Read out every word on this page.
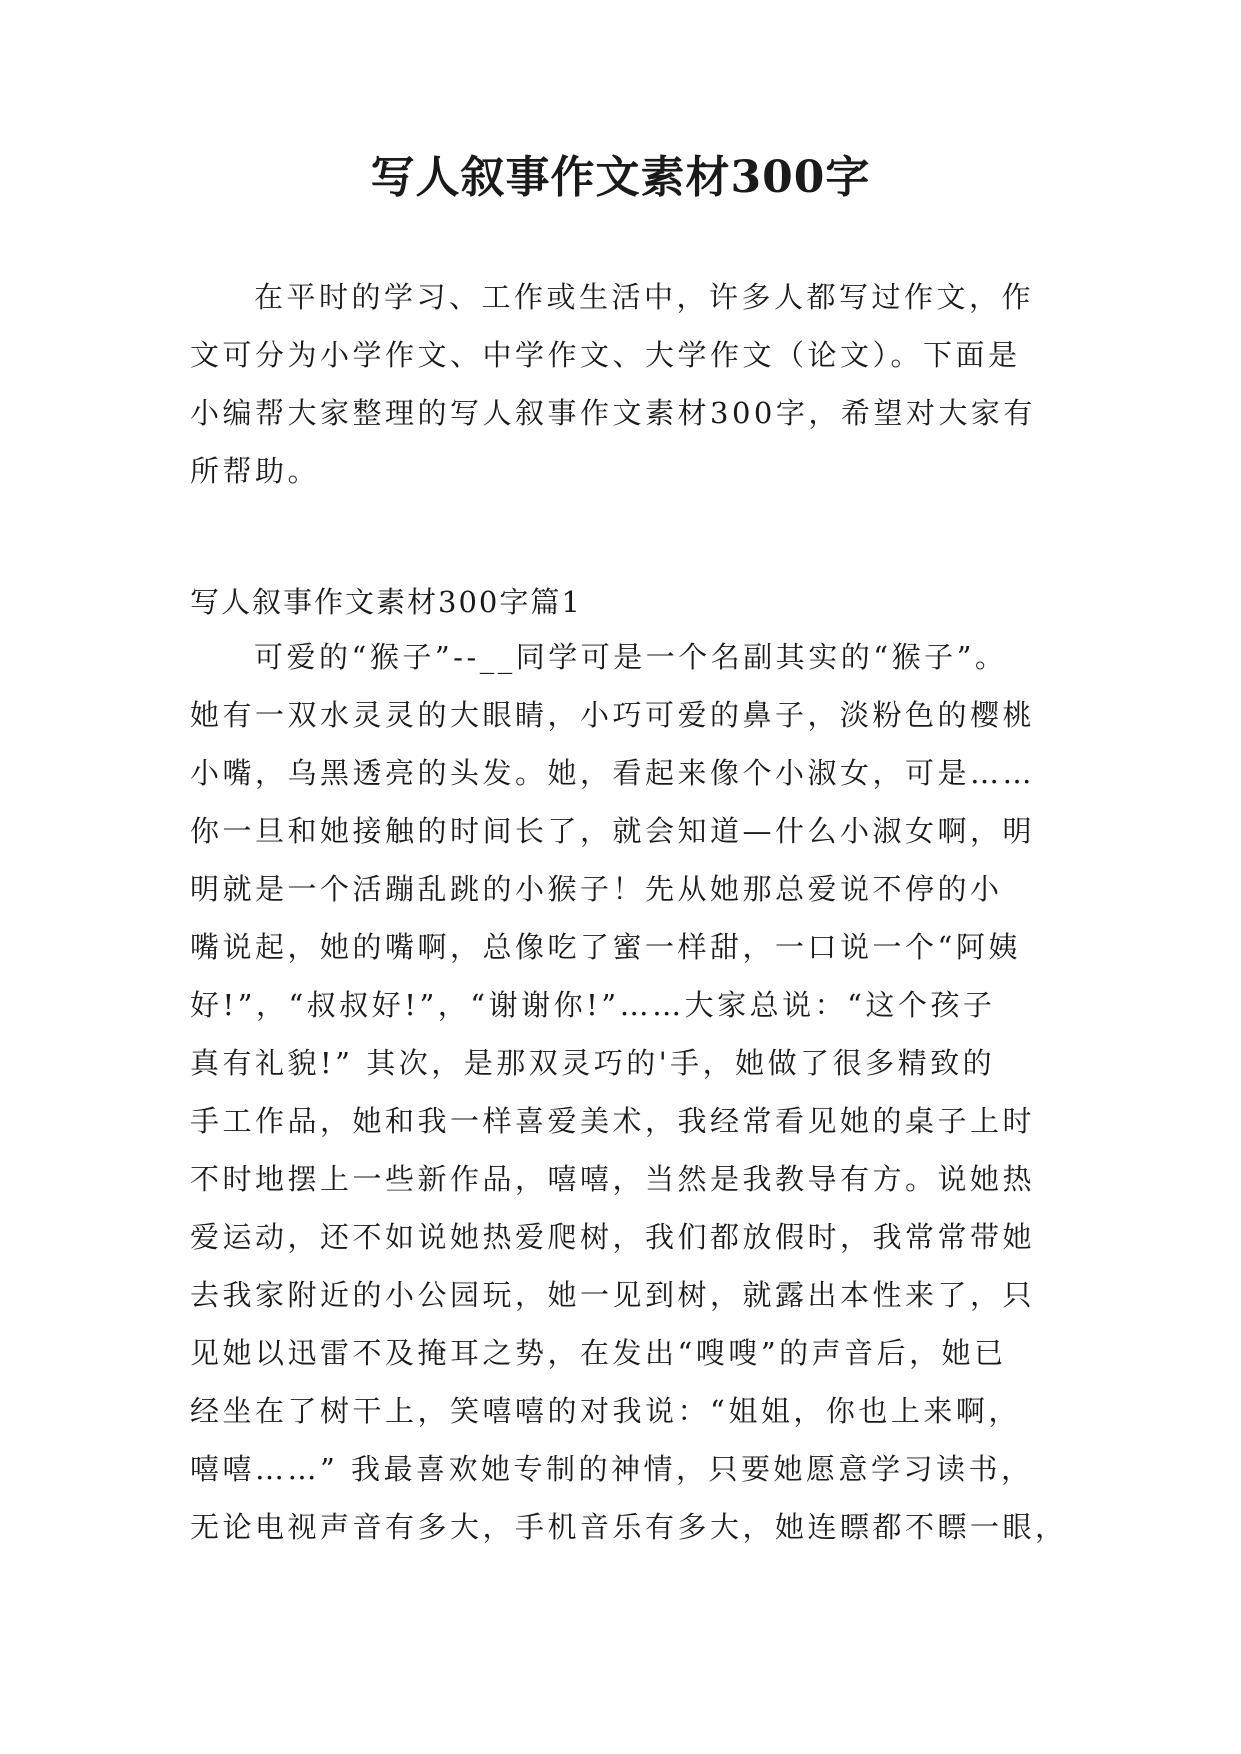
写人叙事作文素材300字
在平时的学习、工作或生活中，许多人都写过作文，作
文可分为小学作文、中学作文、大学作文（论文）。下面是
小编帮大家整理的写人叙事作文素材300字，希望对大家有
所帮助。
写人叙事作文素材300字篇1
可爱的“猴子”--__同学可是一个名副其实的“猴子”。
她有一双水灵灵的大眼睛，小巧可爱的鼻子，淡粉色的樱桃
小嘴，乌黑透亮的头发。她，看起来像个小淑女，可是……
你一旦和她接触的时间长了，就会知道—什么小淑女啊，明
明就是一个活蹦乱跳的小猴子！先从她那总爱说不停的小
嘴说起，她的嘴啊，总像吃了蜜一样甜，一口说一个“阿姨
好!”，“叔叔好!”，“谢谢你!”……大家总说：“这个孩子
真有礼貌!” 其次，是那双灵巧的'手，她做了很多精致的
手工作品，她和我一样喜爱美术，我经常看见她的桌子上时
不时地摆上一些新作品，嘻嘻，当然是我教导有方。说她热
爱运动，还不如说她热爱爬树，我们都放假时，我常常带她
去我家附近的小公园玩，她一见到树，就露出本性来了，只
见她以迅雷不及掩耳之势，在发出“嗖嗖”的声音后，她已
经坐在了树干上，笑嘻嘻的对我说：“姐姐，你也上来啊，
嘻嘻……” 我最喜欢她专制的神情，只要她愿意学习读书，
无论电视声音有多大，手机音乐有多大，她连瞟都不瞟一眼，
